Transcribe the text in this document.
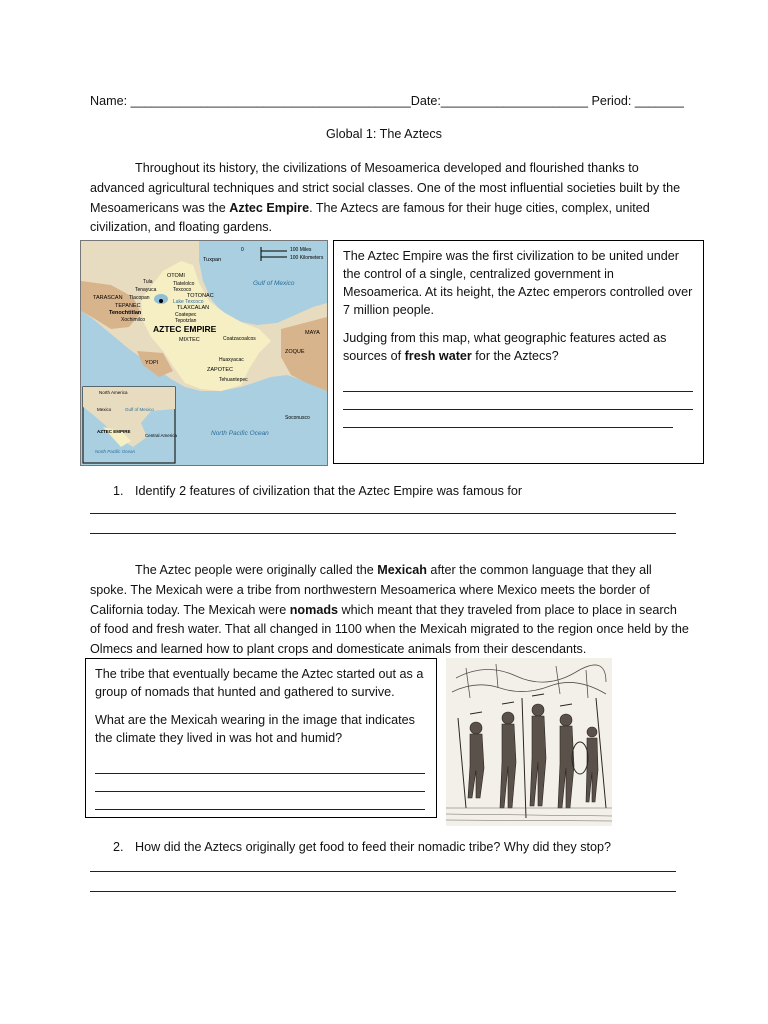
Name: ________________________________________Date:_____________________ Period: _______
Global 1: The Aztecs
Throughout its history, the civilizations of Mesoamerica developed and flourished thanks to advanced agricultural techniques and strict social classes. One of the most influential societies built by the Mesoamericans was the Aztec Empire. The Aztecs are famous for their huge cities, complex, united civilization, and floating gardens.
0	100 Miles
100 Kilometers
Tuxpan
OTOMI
Tula	Tlatelolco
Tenayuca	Texcoco
TOTONAC
TARASCAN Tlacopan
Lake Texcoco
TEPANEC	TLAXCALAN
Tenochtitlan	Coatepec
Xochimilco	Tepotzlan
AZTEC EMPIRE
MIXTEC	Coatzacoalcos
MAYA
ZOQUE
YOPI	Huaxyacac
ZAPOTEC
Tehuantepec
Soconusco
Gulf of Mexico
North Pacific Ocean
North America
Mexico	Gulf of Mexico
AZTEC EMPIRE
Central America
North Pacific Ocean

The Aztec Empire was the first civilization to be united under the control of a single, centralized government in Mesoamerica. At its height, the Aztec emperors controlled over 7 million people.

Judging from this map, what geographic features acted as sources of fresh water for the Aztecs?

1. Identify 2 features of civilization that the Aztec Empire was famous for
The Aztec people were originally called the Mexicah after the common language that they all spoke. The Mexicah were a tribe from northwestern Mesoamerica where Mexico meets the border of California today. The Mexicah were nomads which meant that they traveled from place to place in search of food and fresh water. That all changed in 1100 when the Mexicah migrated to the region once held by the Olmecs and learned how to plant crops and domesticate animals from their descendants.

The tribe that eventually became the Aztec started out as a group of nomads that hunted and gathered to survive.

What are the Mexicah wearing in the image that indicates the climate they lived in was hot and humid?

2. How did the Aztecs originally get food to feed their nomadic tribe? Why did they stop?
